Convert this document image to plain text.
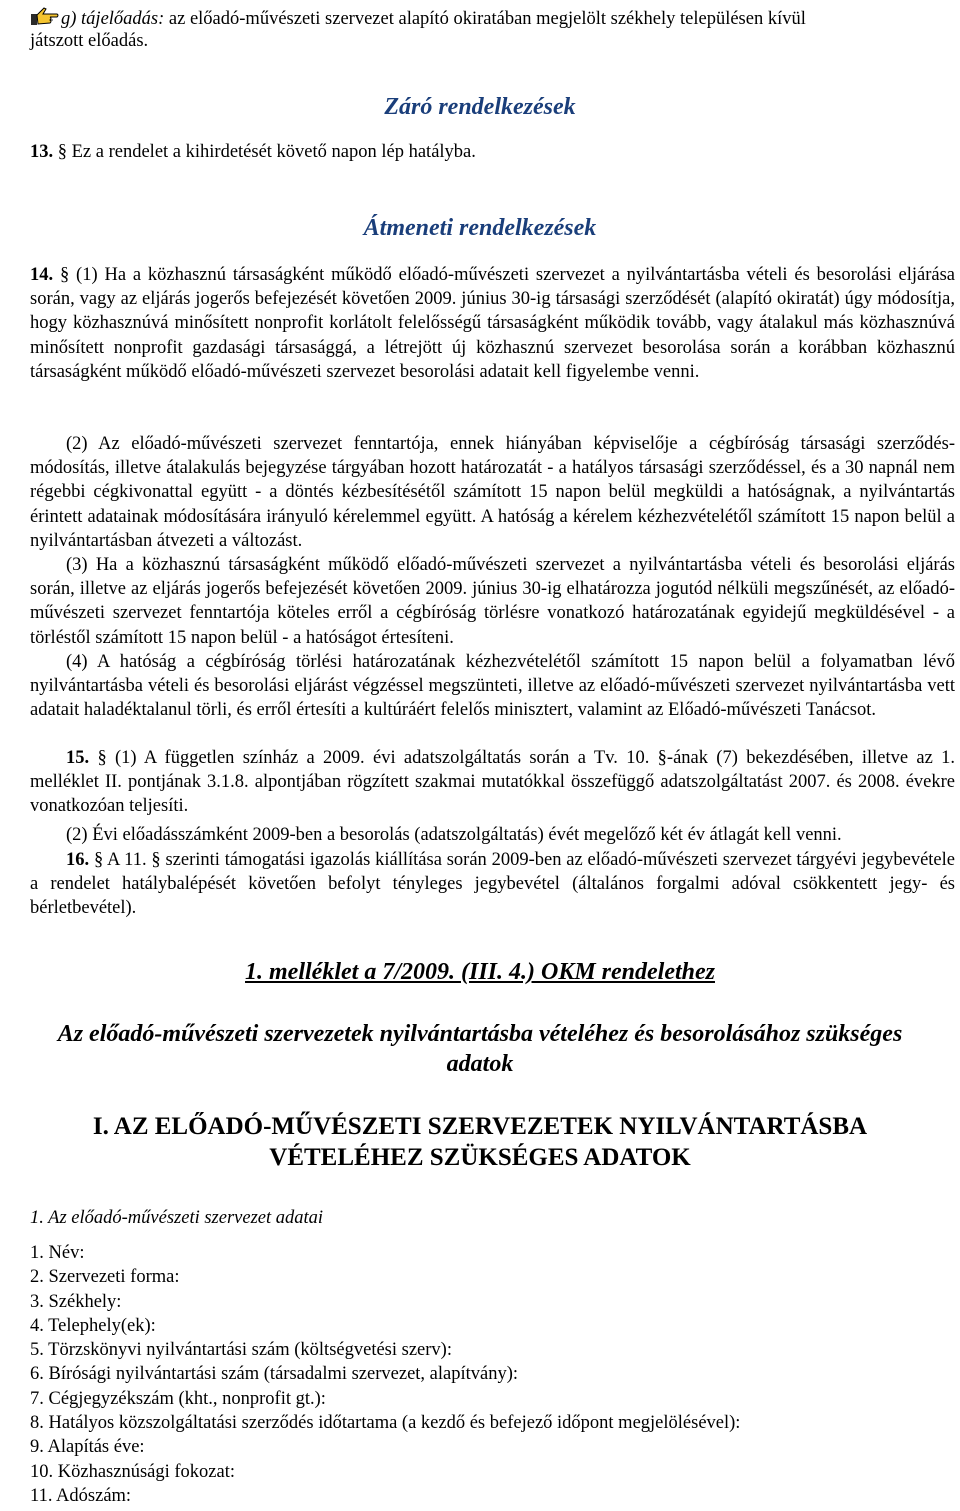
g) tájelőadás: az előadó-művészeti szervezet alapító okiratában megjelölt székhely településen kívül

játszott előadás.

Záró rendelkezések

13. § Ez a rendelet a kihirdetését követő napon lép hatályba.

Átmeneti rendelkezések

14. § (1) Ha a közhasznú társaságként működő előadó-művészeti szervezet a nyilvántartásba vételi és besorolási eljárása során, vagy az eljárás jogerős befejezését követően 2009. június 30-ig társasági szerződését (alapító okiratát) úgy módosítja, hogy közhasznúvá minősített nonprofit korlátolt felelősségű társaságként működik tovább, vagy átalakul más közhasznúvá minősített nonprofit gazdasági társasággá, a létrejött új közhasznú szervezet besorolása során a korábban közhasznú társaságként működő előadó-művészeti szervezet besorolási adatait kell figyelembe venni.

(2) Az előadó-művészeti szervezet fenntartója, ennek hiányában képviselője a cégbíróság társasági szerződés- módosítás, illetve átalakulás bejegyzése tárgyában hozott határozatát - a hatályos társasági szerződéssel, és a 30 napnál nem régebbi cégkivonattal együtt - a döntés kézbesítésétől számított 15 napon belül megküldi a hatóságnak, a nyilvántartás érintett adatainak módosítására irányuló kérelemmel együtt. A hatóság a kérelem kézhezvételétől számított 15 napon belül a nyilvántartásban átvezeti a változást.

(3) Ha a közhasznú társaságként működő előadó-művészeti szervezet a nyilvántartásba vételi és besorolási eljárás során, illetve az eljárás jogerős befejezését követően 2009. június 30-ig elhatározza jogutód nélküli megszűnését, az előadó-művészeti szervezet fenntartója köteles erről a cégbíróság törlésre vonatkozó határozatának egyidejű megküldésével - a törléstől számított 15 napon belül - a hatóságot értesíteni.

(4) A hatóság a cégbíróság törlési határozatának kézhezvételétől számított 15 napon belül a folyamatban lévő nyilvántartásba vételi és besorolási eljárást végzéssel megszünteti, illetve az előadó-művészeti szervezet nyilvántartásba vett adatait haladéktalanul törli, és erről értesíti a kultúráért felelős minisztert, valamint az Előadó-művészeti Tanácsot.

15. § (1) A független színház a 2009. évi adatszolgáltatás során a Tv. 10. §-ának (7) bekezdésében, illetve az 1. melléklet II. pontjának 3.1.8. alpontjában rögzített szakmai mutatókkal összefüggő adatszolgáltatást 2007. és 2008. évekre vonatkozóan teljesíti.

(2) Évi előadásszámként 2009-ben a besorolás (adatszolgáltatás) évét megelőző két év átlagát kell venni.

16. § A 11. § szerinti támogatási igazolás kiállítása során 2009-ben az előadó-művészeti szervezet tárgyévi jegybevétele a rendelet hatálybalépését követően befolyt tényleges jegybevétel (általános forgalmi adóval csökkentett jegy- és bérletbevétel).

1. melléklet a 7/2009. (III. 4.) OKM rendelethez

Az előadó-művészeti szervezetek nyilvántartásba vételéhez és besorolásához szükséges

adatok

I. AZ ELŐADÓ-MŰVÉSZETI SZERVEZETEK NYILVÁNTARTÁSBA

VÉTELÉHEZ SZÜKSÉGES ADATOK

1. Az előadó-művészeti szervezet adatai

1. Név:
2. Szervezeti forma:
3. Székhely:
4. Telephely(ek):
5. Törzskönyvi nyilvántartási szám (költségvetési szerv):
6. Bírósági nyilvántartási szám (társadalmi szervezet, alapítvány):
7. Cégjegyzékszám (kht., nonprofit gt.):
8. Hatályos közszolgáltatási szerződés időtartama (a kezdő és befejező időpont megjelölésével):
9. Alapítás éve:
10. Közhasznúsági fokozat:
11. Adószám:
